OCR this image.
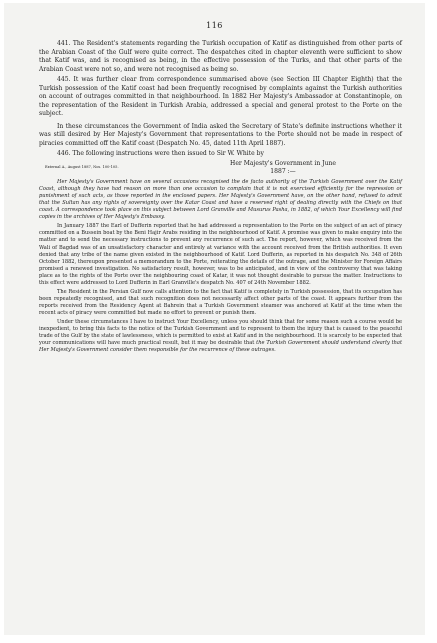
116

441. The Resident's statements regarding the Turkish occupation of Katif as distinguished from other parts of the Arabian Coast of the Gulf were quite correct. The despatches cited in chapter eleventh were sufficient to show that Katif was, and is recognised as being, in the effective possession of the Turks, and that other parts of the Arabian Coast were not so, and were not recognised as being so.

445. It was further clear from correspondence summarised above (see Section III Chapter Eighth) that the Turkish possession of the Katif coast had been frequently recognised by complaints against the Turkish authorities on account of outrages committed in that neighbourhood. In 1882 Her Majesty's Ambassador at Constantinople, on the representation of the Resident in Turkish Arabia, addressed a special and general protest to the Porte on the subject.

In these circumstances the Government of India asked the Secretary of State's definite instructions whether it was still desired by Her Majesty's Government that representations to the Porte should not be made in respect of piracies committed off the Katif coast (Despatch No. 45, dated 11th April 1887).

446. The following instructions were then issued to Sir W. White by

External A., August 1887, Nos. 100-105.	Her Majesty's Government in June
1887 :—

Her Majesty's Government have on several occasions recognised the de facto authority of the Turkish Government over the Katif Coast, although they have had reason on more than one occasion to complain that it is not exercised efficiently for the repression or punishment of such acts, as those reported in the enclosed papers. Her Majesty's Government have, on the other hand, refused to admit that the Sultan has any rights of sovereignty over the Katar Coast and have a reserved right of dealing directly with the Chiefs on that coast. A correspondence took place on this subject between Lord Granville and Musurus Pasha, in 1882, of which Your Excellency will find copies in the archives of Her Majesty's Embassy.

In January 1887 the Earl of Dufferin reported that he had addressed a representation to the Porte on the subject of an act of piracy committed on a Bussein boat by the Beni Hajir Arabs residing in the neighbourhood of Katif. A promise was given to make enquiry into the matter and to send the necessary instructions to prevent any recurrence of such act. The report, however, which was received from the Wali of Bagdad was of an unsatisfactory character and entirely at variance with the account received from the British authorities. It even denied that any tribe of the name given existed in the neighbourhood of Katif. Lord Dufferin, as reported in his despatch No. 348 of 26th October 1882, thereupon presented a memorandum to the Porte, reiterating the details of the outrage, and the Minister for Foreign Affairs promised a renewed investigation. No satisfactory result, however, was to be anticipated, and in view of the controversy that was taking place as to the rights of the Porte over the neighbouring coast of Katar, it was not thought desirable to pursue the matter. Instructions to this effect were addressed to Lord Dufferin in Earl Granville's despatch No. 407 of 24th November 1882.

The Resident in the Persian Gulf now calls attention to the fact that Katif is completely in Turkish possession, that its occupation has been repeatedly recognised, and that such recognition does not necessarily affect other parts of the coast. It appears further from the reports received from the Residency Agent at Bahrein that a Turkish Government steamer was anchored at Katif at the time when the recent acts of piracy were committed but made no effort to prevent or punish them.

Under these circumstances I have to instruct Your Excellency, unless you should think that for some reason such a course would be inexpedient, to bring this facts to the notice of the Turkish Government and to represent to them the injury that is caused to the peaceful trade of the Gulf by the state of lawlessness, which is permitted to exist at Katif and in the neighbourhood. It is scarcely to be expected that your communications will have much practical result, but it may be desirable that the Turkish Government should understand clearly that Her Majesty's Government consider them responsible for the recurrence of these outrages.
